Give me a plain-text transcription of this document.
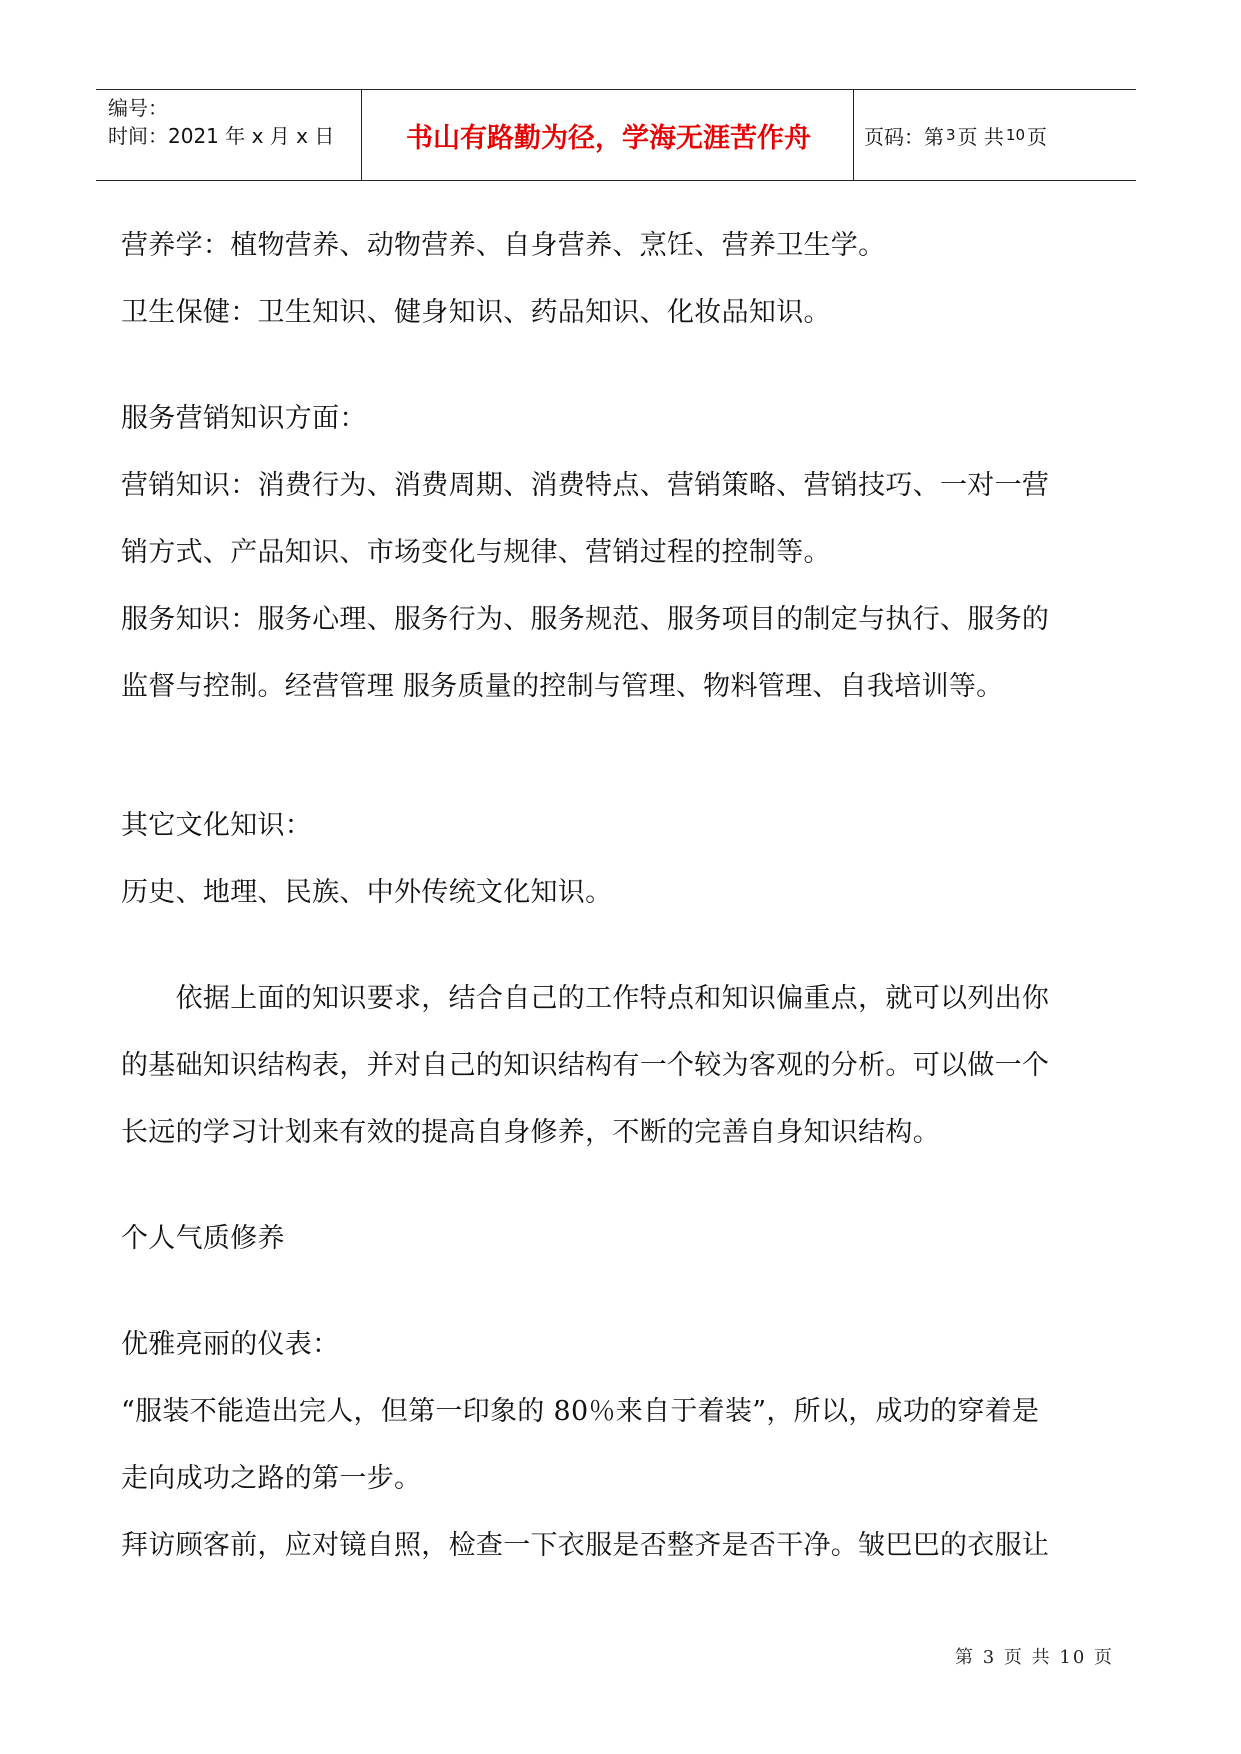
编号：
时间：2021 年 x 月 x 日	书山有路勤为径，学海无涯苦作舟	页码：第 3 页 共 10 页
营养学：植物营养、动物营养、自身营养、烹饪、营养卫生学。
卫生保健：卫生知识、健身知识、药品知识、化妆品知识。
服务营销知识方面：
营销知识：消费行为、消费周期、消费特点、营销策略、营销技巧、一对一营
销方式、产品知识、市场变化与规律、营销过程的控制等。
服务知识：服务心理、服务行为、服务规范、服务项目的制定与执行、服务的
监督与控制。经营管理 服务质量的控制与管理、物料管理、自我培训等。
其它文化知识：
历史、地理、民族、中外传统文化知识。
　　依据上面的知识要求，结合自己的工作特点和知识偏重点，就可以列出你
的基础知识结构表，并对自己的知识结构有一个较为客观的分析。可以做一个
长远的学习计划来有效的提高自身修养，不断的完善自身知识结构。
个人气质修养
优雅亮丽的仪表：
“服装不能造出完人，但第一印象的 80％来自于着装”，所以，成功的穿着是
走向成功之路的第一步。
拜访顾客前，应对镜自照，检查一下衣服是否整齐是否干净。皱巴巴的衣服让
第 3 页 共 10 页
